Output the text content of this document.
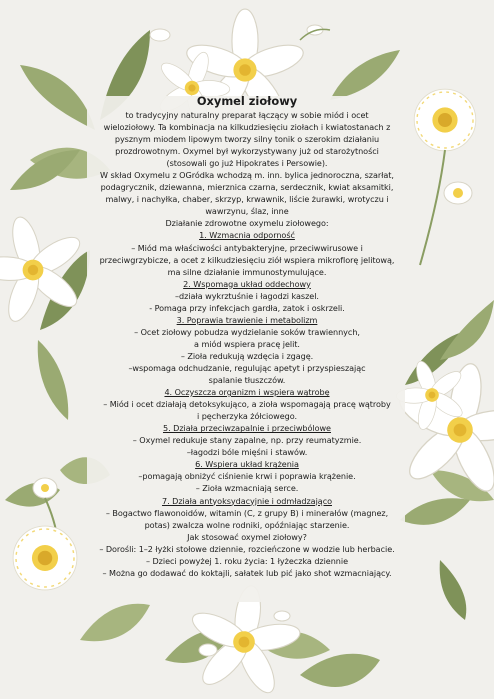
Oxymel ziołowy
to tradycyjny naturalny preparat łączący w sobie miód i ocet
wieloziołowy. Ta kombinacja na kilkudziesięciu ziołach i kwiatostanach z
pysznym miodem lipowym tworzy silny tonik o szerokim działaniu
prozdrowotnym. Oxymel był wykorzystywany już od starożytności
(stosowali go już Hipokrates i Persowie).
W skład Oxymelu z OGródka wchodzą m. inn. bylica jednoroczna, szarłat,
podagrycznik, dziewanna, mierznica czarna, serdecznik, kwiat aksamitki,
malwy, i nachyłka, chaber, skrzyp, krwawnik, liście żurawki, wrotyczu i
wawrzynu, ślaz, inne
Działanie zdrowotne oxymelu ziołowego:
1. Wzmacnia odporność
– Miód ma właściwości antybakteryjne, przeciwwirusowe i
przeciwgrzybicze, a ocet z kilkudziesięciu ziół wspiera mikroflorę jelitową,
ma silne działanie immunostymulujące.
2. Wspomaga układ oddechowy
–działa wykrztuśnie i łagodzi kaszel.
- Pomaga przy infekcjach gardła, zatok i oskrzeli.
3. Poprawia trawienie i metabolizm
– Ocet ziołowy pobudza wydzielanie soków trawiennych,
a miód wspiera pracę jelit.
– Zioła redukują wzdęcia i zgagę.
–wspomaga odchudzanie, regulując apetyt i przyspieszając
spalanie tłuszczów.
4. Oczyszcza organizm i wspiera wątrobę
– Miód i ocet działają detoksykująco, a zioła wspomagają pracę wątroby
i pęcherzyka żółciowego.
5. Działa przeciwzapalnie i przeciwbólowe
– Oxymel redukuje stany zapalne, np. przy reumatyzmie.
–łagodzi bóle mięśni i stawów.
6. Wspiera układ krążenia
–pomagają obniżyć ciśnienie krwi i poprawia krążenie.
– Zioła wzmacniają serce.
7. Działa antyoksydacyjnie i odmładzająco
– Bogactwo flawonoidów, witamin (C, z grupy B) i minerałów (magnez,
potas) zwalcza wolne rodniki, opóźniając starzenie.
Jak stosować oxymel ziołowy?
– Dorośli: 1–2 łyżki stołowe dziennie, rozcieńczone w wodzie lub herbacie.
– Dzieci powyżej 1. roku życia: 1 łyżeczka dziennie
– Można go dodawać do koktajli, sałatek lub pić jako shot wzmacniający.
